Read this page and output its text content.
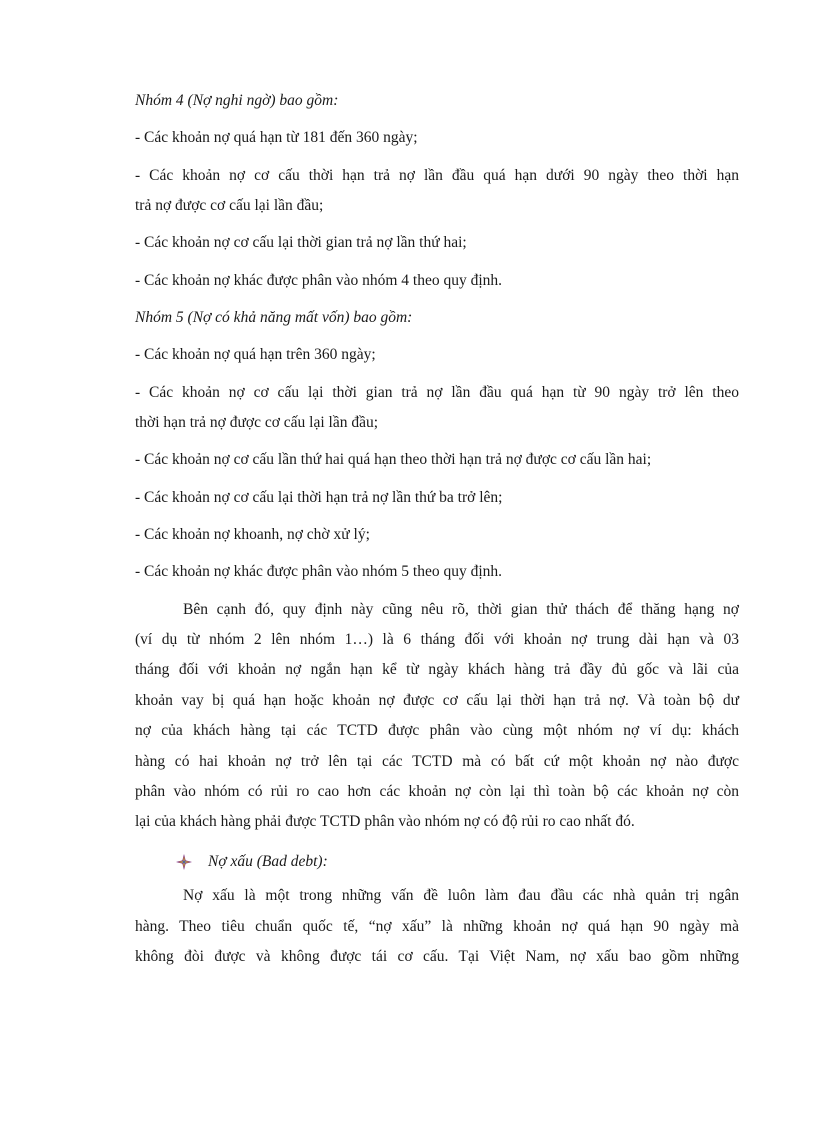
Nhóm 4 (Nợ nghi ngờ) bao gồm:
- Các khoản nợ quá hạn từ 181 đến 360 ngày;
- Các khoản nợ cơ cấu thời hạn trả nợ lần đầu quá hạn dưới 90 ngày theo thời hạn
trả nợ được cơ cấu lại lần đầu;
- Các khoản nợ cơ cấu lại thời gian trả nợ lần thứ hai;
- Các khoản nợ khác được phân vào nhóm 4 theo quy định.
Nhóm 5 (Nợ có khả năng mất vốn) bao gồm:
- Các khoản nợ quá hạn trên 360 ngày;
- Các khoản nợ cơ cấu lại thời gian trả nợ lần đầu quá hạn từ 90 ngày trở lên theo
thời hạn trả nợ được cơ cấu lại lần đầu;
- Các khoản nợ cơ cấu lần thứ hai quá hạn theo thời hạn trả nợ được cơ cấu lần hai;
- Các khoản nợ cơ cấu lại thời hạn trả nợ lần thứ ba trở lên;
- Các khoản nợ khoanh, nợ chờ xử lý;
- Các khoản nợ khác được phân vào nhóm 5 theo quy định.
Bên cạnh đó, quy định này cũng nêu rõ, thời gian thử thách để thăng hạng nợ
(ví dụ từ nhóm 2 lên nhóm 1…) là 6 tháng đối với khoản nợ trung dài hạn và 03
tháng đối với khoản nợ ngắn hạn kể từ ngày khách hàng trả đầy đủ gốc và lãi của
khoản vay bị quá hạn hoặc khoản nợ được cơ cấu lại thời hạn trả nợ. Và toàn bộ dư
nợ của khách hàng tại các TCTD được phân vào cùng một nhóm nợ ví dụ: khách
hàng có hai khoản nợ trở lên tại các TCTD mà có bất cứ một khoản nợ nào được
phân vào nhóm có rủi ro cao hơn các khoản nợ còn lại thì toàn bộ các khoản nợ còn
lại của khách hàng phải được TCTD phân vào nhóm nợ có độ rủi ro cao nhất đó.
Nợ xấu (Bad debt):
Nợ xấu là một trong những vấn đề luôn làm đau đầu các nhà quản trị ngân
hàng. Theo tiêu chuẩn quốc tế, “nợ xấu” là những khoản nợ quá hạn 90 ngày mà
không đòi được và không được tái cơ cấu. Tại Việt Nam, nợ xấu bao gồm những
